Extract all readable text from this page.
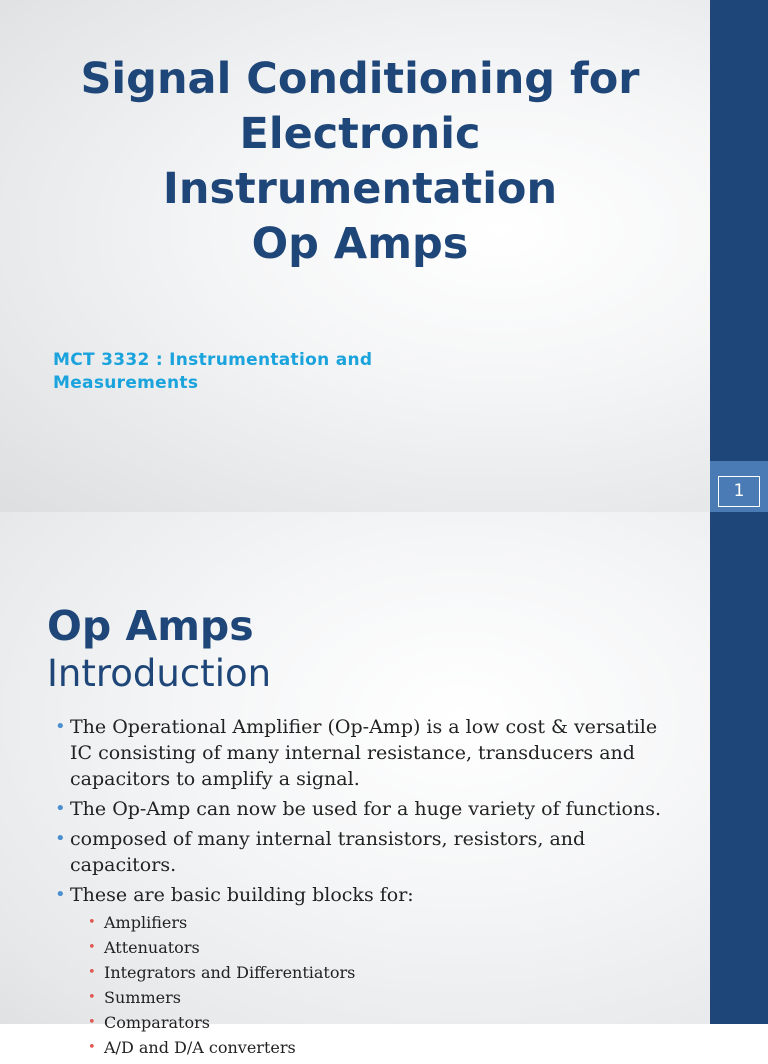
Signal Conditioning for
Electronic
Instrumentation
Op Amps
MCT 3332 : Instrumentation and Measurements
1
Op Amps
Introduction
• The Operational Amplifier (Op-Amp) is a low cost & versatile IC consisting of many internal resistance, transducers and capacitors to amplify a signal.
• The Op-Amp can now be used for a huge variety of functions.
• composed of many internal transistors, resistors, and capacitors.
• These are basic building blocks for:
• Amplifiers
• Attenuators
• Integrators and Differentiators
• Summers
• Comparators
• A/D and D/A converters
